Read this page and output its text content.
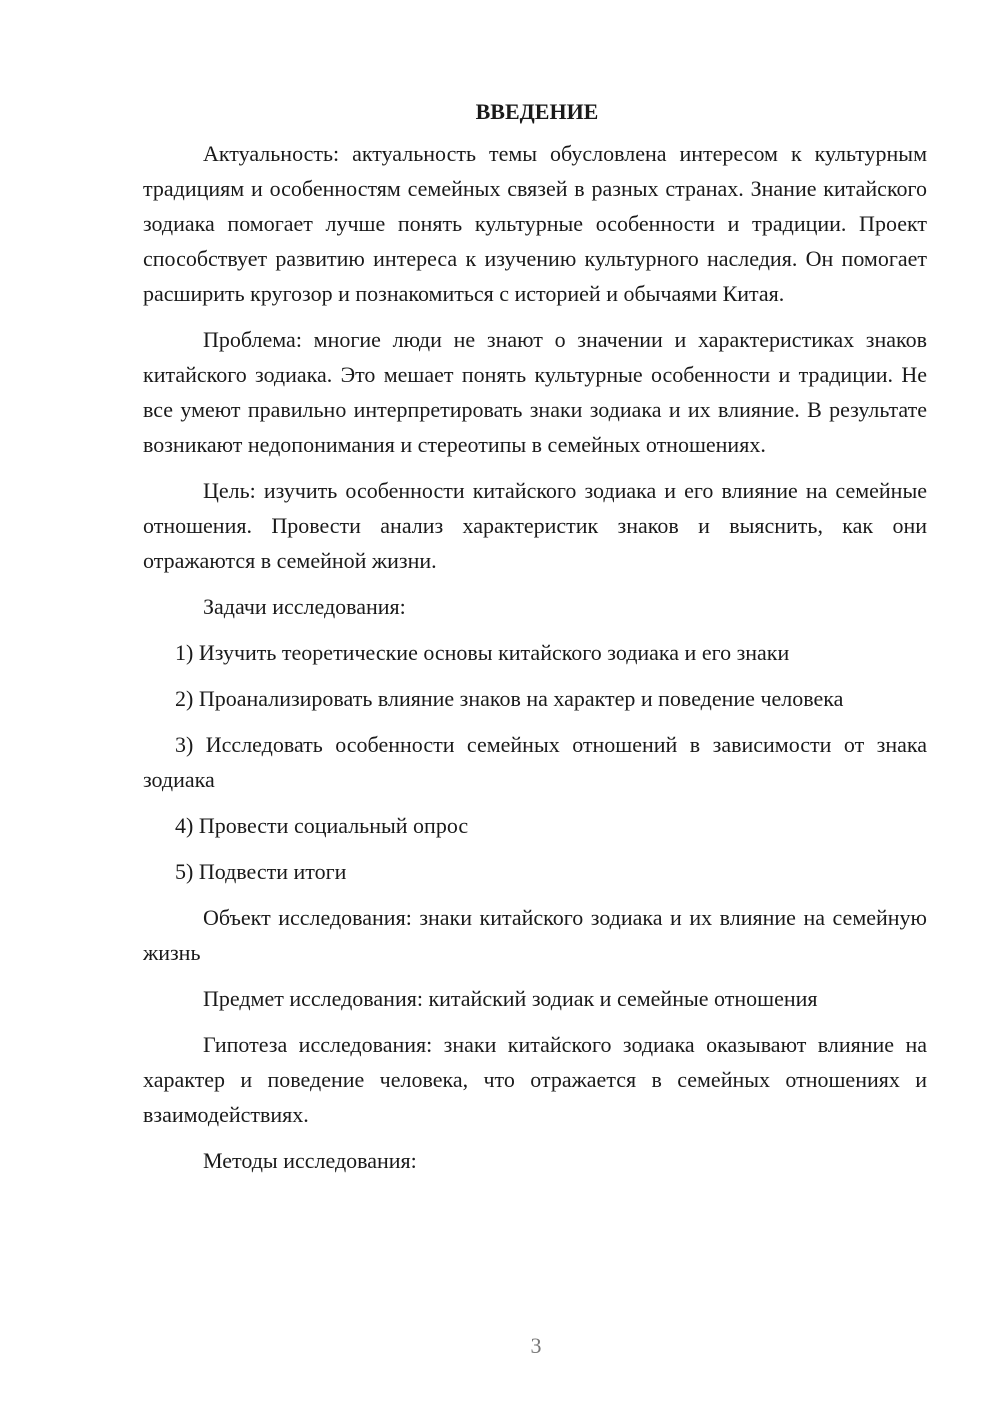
ВВЕДЕНИЕ

Актуальность: актуальность темы обусловлена интересом к культурным традициям и особенностям семейных связей в разных странах. Знание китайского зодиака помогает лучше понять культурные особенности и традиции. Проект способствует развитию интереса к изучению культурного наследия. Он помогает расширить кругозор и познакомиться с историей и обычаями Китая.

Проблема: многие люди не знают о значении и характеристиках знаков китайского зодиака. Это мешает понять культурные особенности и традиции. Не все умеют правильно интерпретировать знаки зодиака и их влияние. В результате возникают недопонимания и стереотипы в семейных отношениях.

Цель: изучить особенности китайского зодиака и его влияние на семейные отношения. Провести анализ характеристик знаков и выяснить, как они отражаются в семейной жизни.

Задачи исследования:

1) Изучить теоретические основы китайского зодиака и его знаки

2) Проанализировать влияние знаков на характер и поведение человека

3) Исследовать особенности семейных отношений в зависимости от знака зодиака

4) Провести социальный опрос

5) Подвести итоги

Объект исследования: знаки китайского зодиака и их влияние на семейную жизнь

Предмет исследования: китайский зодиак и семейные отношения

Гипотеза исследования: знаки китайского зодиака оказывают влияние на характер и поведение человека, что отражается в семейных отношениях и взаимодействиях.

Методы исследования:

3
